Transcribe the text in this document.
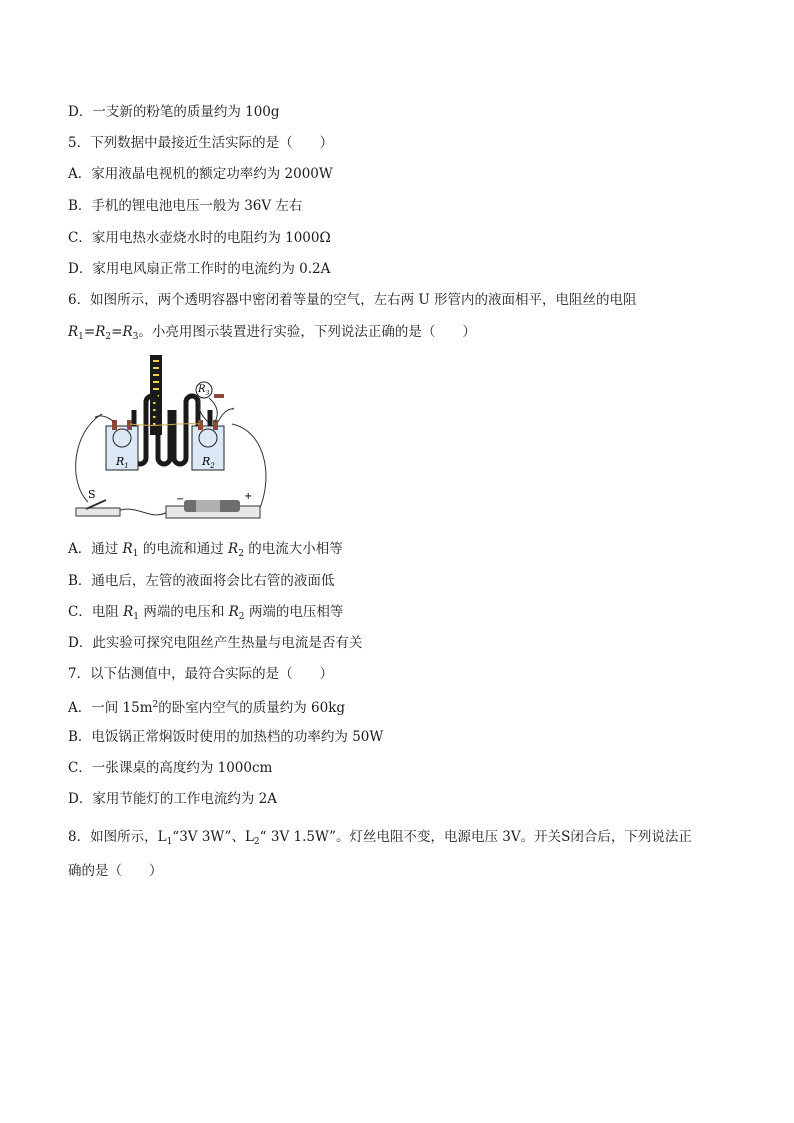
D．一支新的粉笔的质量约为 100g
5．下列数据中最接近生活实际的是（　　）
A．家用液晶电视机的额定功率约为 2000W
B．手机的锂电池电压一般为 36V 左右
C．家用电热水壶烧水时的电阻约为 1000Ω
D．家用电风扇正常工作时的电流约为 0.2A
6．如图所示，两个透明容器中密闭着等量的空气，左右两 U 形管内的液面相平，电阻丝的电阻
$R_1=R_2=R_3$。小亮用图示装置进行实验，下列说法正确的是（　　）
$R_1$	$R_2$
$R_3$
S	−	+
A．通过 $R_1$ 的电流和通过 $R_2$ 的电流大小相等
B．通电后，左管的液面将会比右管的液面低
C．电阻 $R_1$ 两端的电压和 $R_2$ 两端的电压相等
D．此实验可探究电阻丝产生热量与电流是否有关
7．以下估测值中，最符合实际的是（　　）
A．一间 $15m^2$的卧室内空气的质量约为 60kg
B．电饭锅正常焖饭时使用的加热档的功率约为 50W
C．一张课桌的高度约为 1000cm
D．家用节能灯的工作电流约为 2A
8．如图所示，$L_1“3V$ 3W”、$L_2“$ 3V 1.5W”。灯丝电阻不变，电源电压 3V。开关S闭合后，下列说法正
确的是（　　）
